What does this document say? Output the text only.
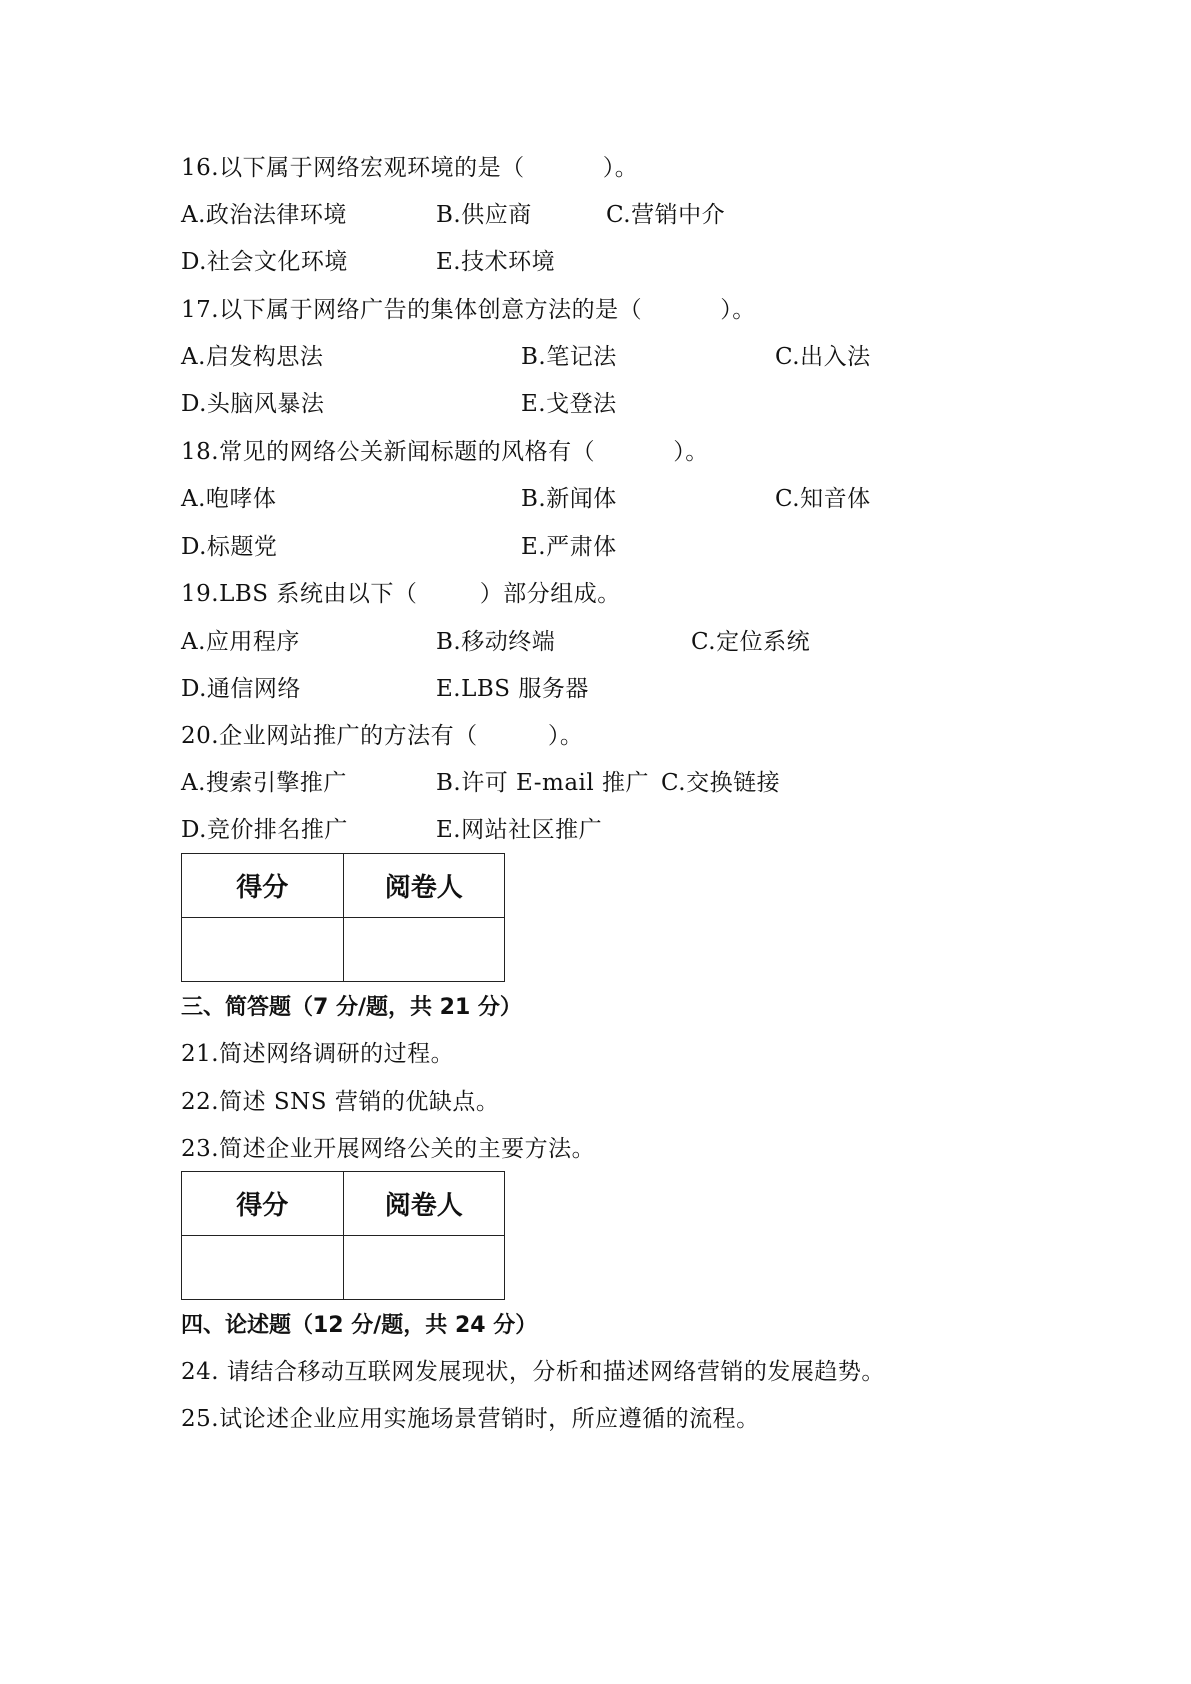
16.以下属于网络宏观环境的是（          ）。
A.政治法律环境	B.供应商	C.营销中介
D.社会文化环境	E.技术环境
17.以下属于网络广告的集体创意方法的是（          ）。
A.启发构思法	B.笔记法	C.出入法
D.头脑风暴法	E.戈登法
18.常见的网络公关新闻标题的风格有（          ）。
A.咆哮体	B.新闻体	C.知音体
D.标题党	E.严肃体
19.LBS 系统由以下（        ）部分组成。
A.应用程序	B.移动终端	C.定位系统
D.通信网络	E.LBS 服务器
20.企业网站推广的方法有（         ）。
A.搜索引擎推广	B.许可 E-mail 推广 C.交换链接
D.竞价排名推广	E.网站社区推广
得分	阅卷人

三、简答题（7 分/题，共 21 分）
21.简述网络调研的过程。
22.简述 SNS 营销的优缺点。
23.简述企业开展网络公关的主要方法。
得分	阅卷人

四、论述题（12 分/题，共 24 分）
24. 请结合移动互联网发展现状，分析和描述网络营销的发展趋势。
25.试论述企业应用实施场景营销时，所应遵循的流程。
